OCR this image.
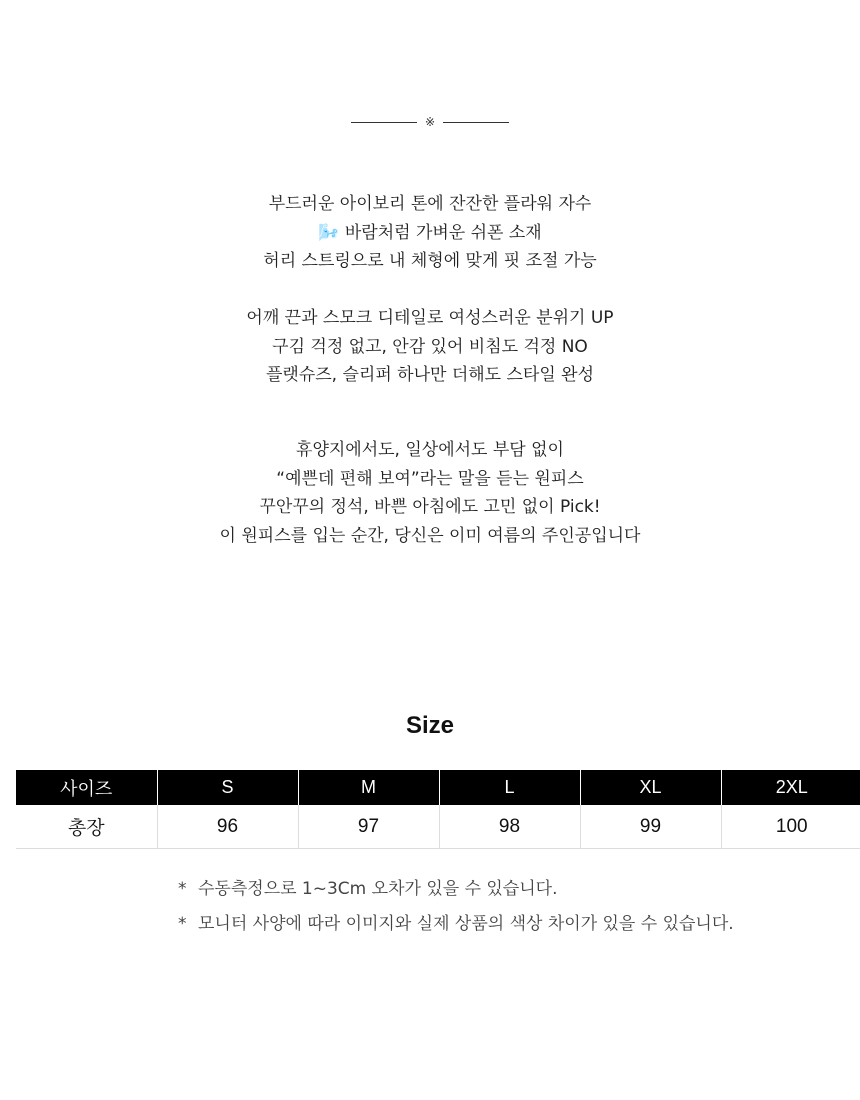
※
부드러운 아이보리 톤에 잔잔한 플라워 자수
🌬️ 바람처럼 가벼운 쉬폰 소재
허리 스트링으로 내 체형에 맞게 핏 조절 가능
어깨 끈과 스모크 디테일로 여성스러운 분위기 UP
구김 걱정 없고, 안감 있어 비침도 걱정 NO
플랫슈즈, 슬리퍼 하나만 더해도 스타일 완성
휴양지에서도, 일상에서도 부담 없이
“예쁜데 편해 보여”라는 말을 듣는 원피스
꾸안꾸의 정석, 바쁜 아침에도 고민 없이 Pick!
이 원피스를 입는 순간, 당신은 이미 여름의 주인공입니다
Size
사이즈	S	M	L	XL	2XL
총장	96	97	98	99	100
* 수동측정으로 1~3Cm 오차가 있을 수 있습니다.
* 모니터 사양에 따라 이미지와 실제 상품의 색상 차이가 있을 수 있습니다.
